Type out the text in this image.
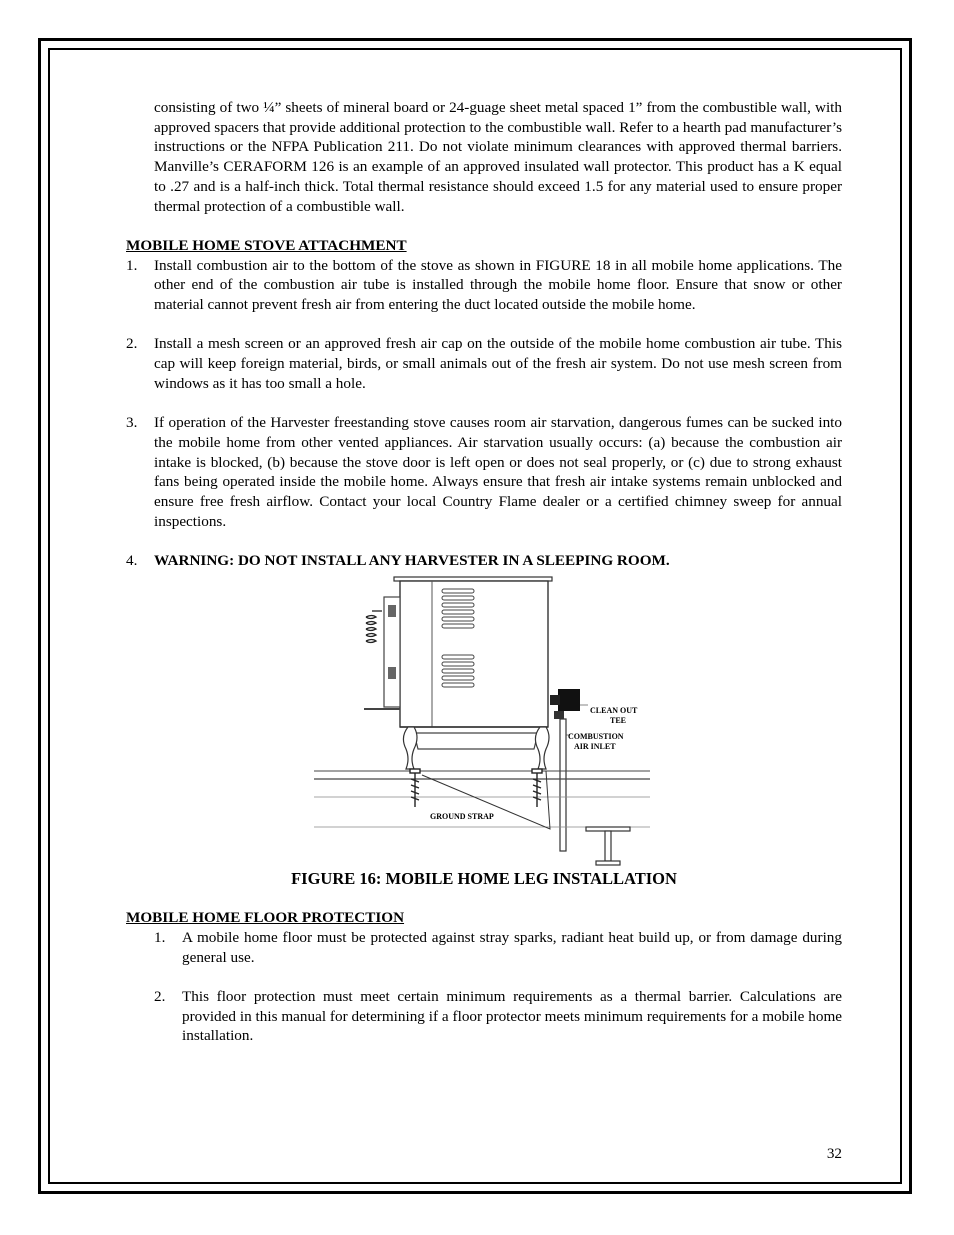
consisting of two ¼” sheets of mineral board or 24-guage sheet metal spaced 1” from the combustible wall, with approved spacers that provide additional protection to the combustible wall. Refer to a hearth pad manufacturer’s instructions or the NFPA Publication 211. Do not violate minimum clearances with approved thermal barriers. Manville’s CERAFORM 126 is an example of an approved insulated wall protector. This product has a K equal to .27 and is a half-inch thick. Total thermal resistance should exceed 1.5 for any material used to ensure proper thermal protection of a combustible wall.

MOBILE HOME STOVE ATTACHMENT

1. Install combustion air to the bottom of the stove as shown in FIGURE 18 in all mobile home applications. The other end of the combustion air tube is installed through the mobile home floor. Ensure that snow or other material cannot prevent fresh air from entering the duct located outside the mobile home.
2. Install a mesh screen or an approved fresh air cap on the outside of the mobile home combustion air tube. This cap will keep foreign material, birds, or small animals out of the fresh air system. Do not use mesh screen from windows as it has too small a hole.
3. If operation of the Harvester freestanding stove causes room air starvation, dangerous fumes can be sucked into the mobile home from other vented appliances. Air starvation usually occurs: (a) because the combustion air intake is blocked, (b) because the stove door is left open or does not seal properly, or (c) due to strong exhaust fans being operated inside the mobile home. Always ensure that fresh air intake systems remain unblocked and ensure free fresh airflow. Contact your local Country Flame dealer or a certified chimney sweep for annual inspections.
4. WARNING: DO NOT INSTALL ANY HARVESTER IN A SLEEPING ROOM.
CLEAN OUT
TEE
COMBUSTION
AIR INLET
GROUND STRAP

FIGURE 16: MOBILE HOME LEG INSTALLATION

MOBILE HOME FLOOR PROTECTION

1. A mobile home floor must be protected against stray sparks, radiant heat build up, or from damage during general use.
2. This floor protection must meet certain minimum requirements as a thermal barrier. Calculations are provided in this manual for determining if a floor protector meets minimum requirements for a mobile home installation.
32
